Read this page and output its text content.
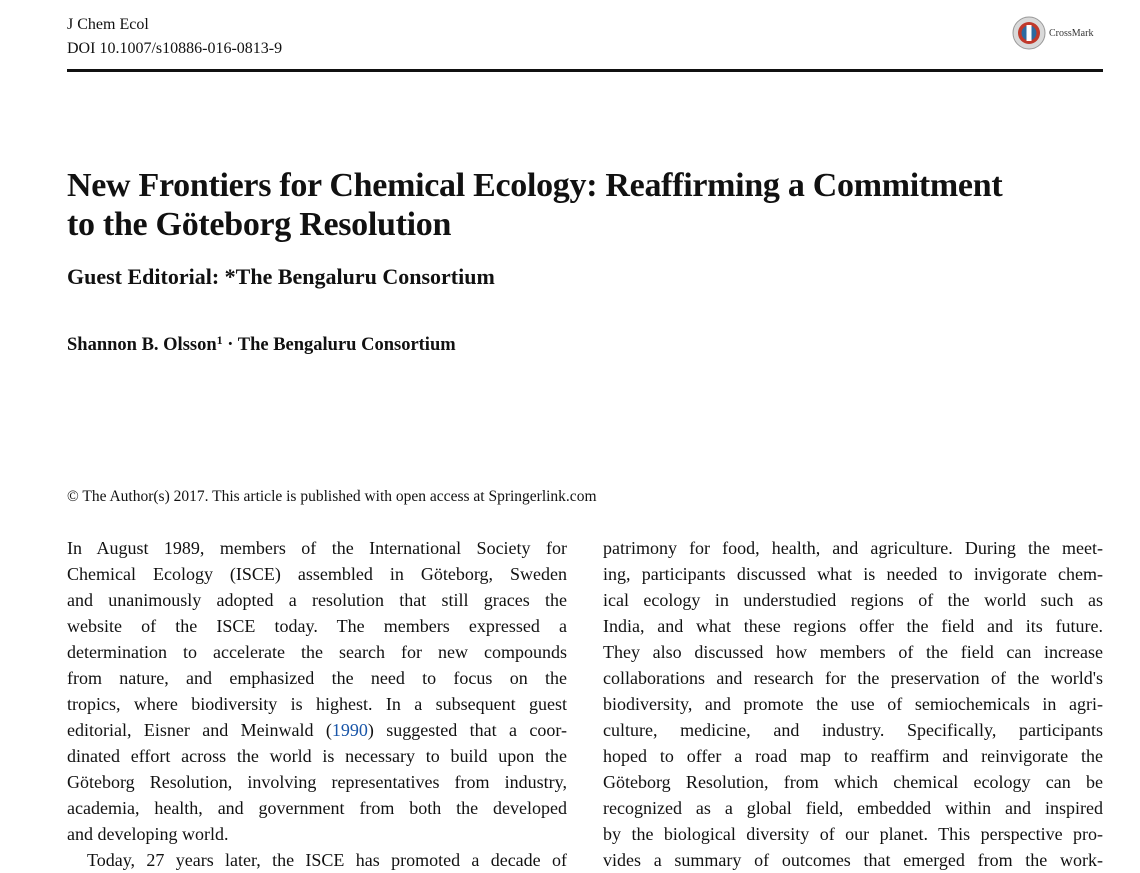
J Chem Ecol
DOI 10.1007/s10886-016-0813-9
CrossMark
New Frontiers for Chemical Ecology: Reaffirming a Commitment
to the Göteborg Resolution
Guest Editorial: *The Bengaluru Consortium
Shannon B. Olsson$^1$ · The Bengaluru Consortium
© The Author(s) 2017. This article is published with open access at Springerlink.com

In August 1989, members of the International Society for
Chemical Ecology (ISCE) assembled in Göteborg, Sweden
and unanimously adopted a resolution that still graces the
website of the ISCE today. The members expressed a
determination to accelerate the search for new compounds
from nature, and emphasized the need to focus on the
tropics, where biodiversity is highest. In a subsequent guest
editorial, Eisner and Meinwald (1990) suggested that a coor-
dinated effort across the world is necessary to build upon the
Göteborg Resolution, involving representatives from industry,
academia, health, and government from both the developed
and developing world.

Today, 27 years later, the ISCE has promoted a decade of

patrimony for food, health, and agriculture. During the meet-
ing, participants discussed what is needed to invigorate chem-
ical ecology in understudied regions of the world such as
India, and what these regions offer the field and its future.
They also discussed how members of the field can increase
collaborations and research for the preservation of the world's
biodiversity, and promote the use of semiochemicals in agri-
culture, medicine, and industry. Specifically, participants
hoped to offer a road map to reaffirm and reinvigorate the
Göteborg Resolution, from which chemical ecology can be
recognized as a global field, embedded within and inspired
by the biological diversity of our planet. This perspective pro-
vides a summary of outcomes that emerged from the work-
